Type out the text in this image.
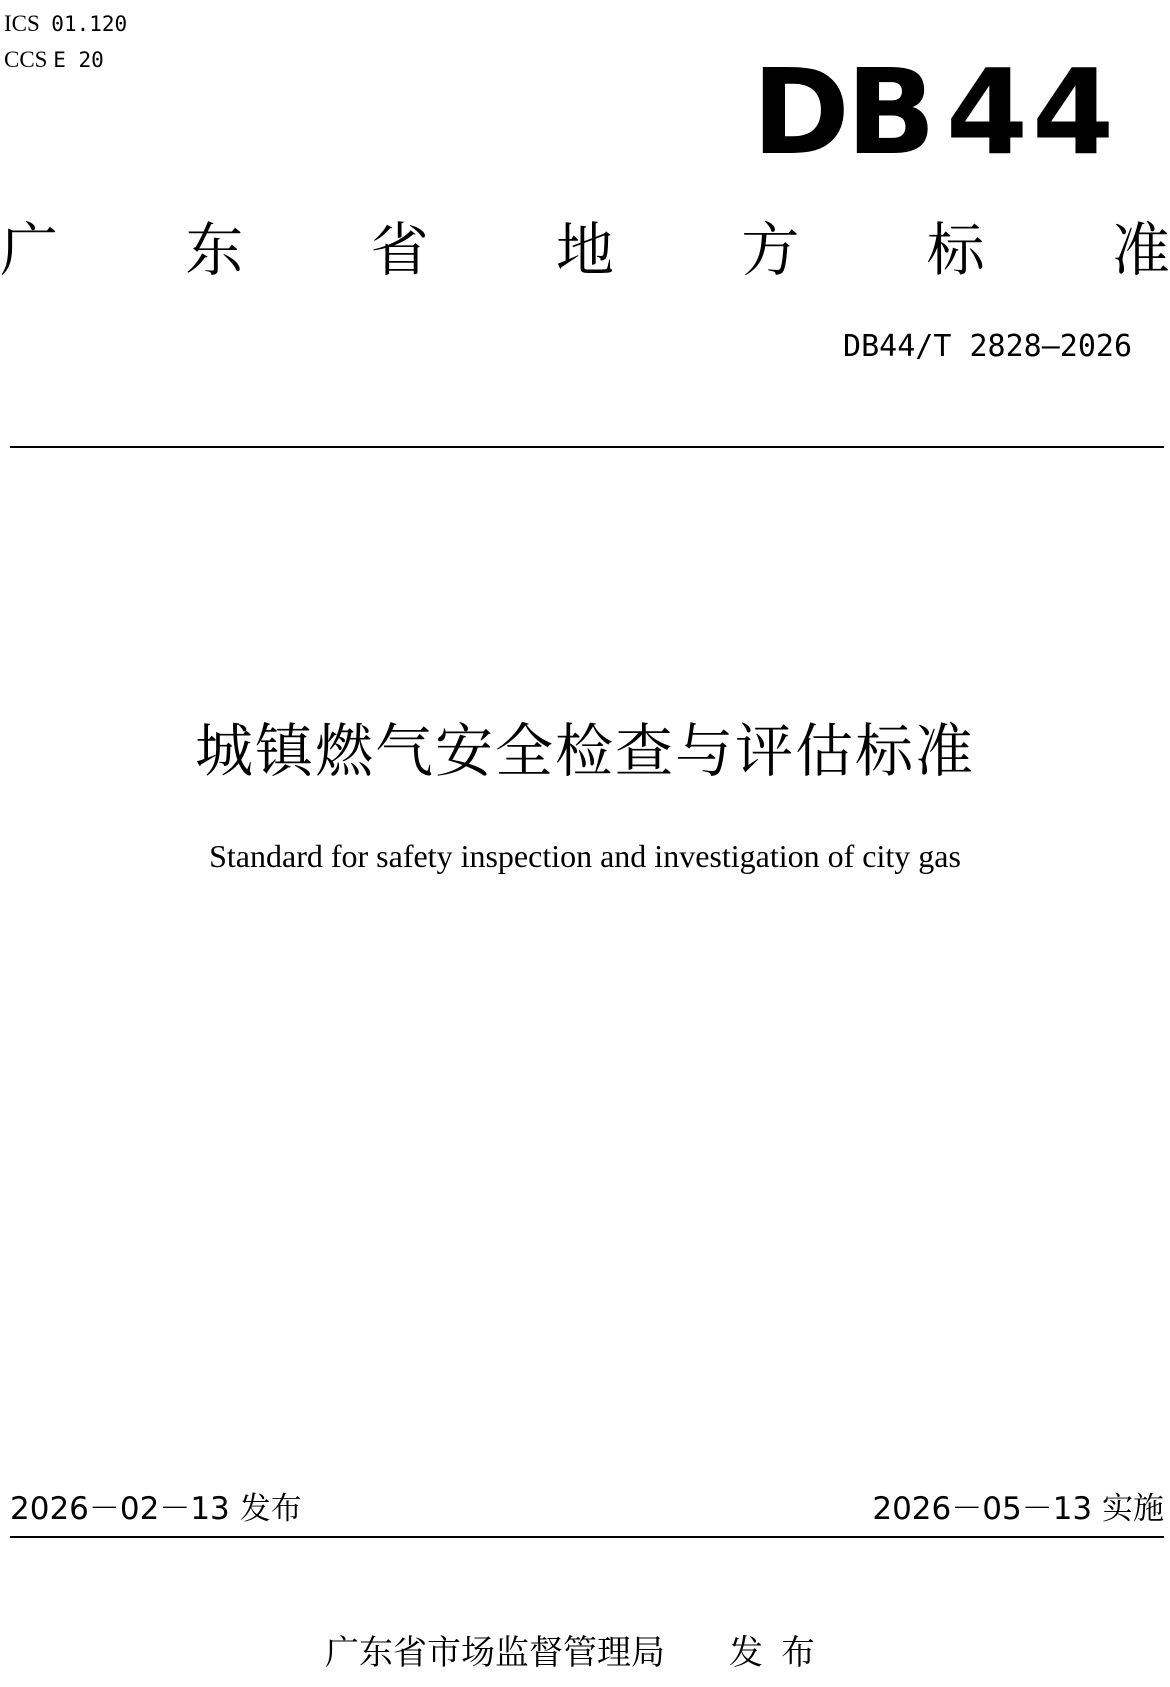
ICS 01.120
CCS E 20	DB 44
广 东 省 地 方 标 准
DB44/T 2828—2026
城镇燃气安全检查与评估标准
Standard for safety inspection and investigation of city gas
2026－02－13 发布	2026－05－13 实施
广东省市场监督管理局 发布
